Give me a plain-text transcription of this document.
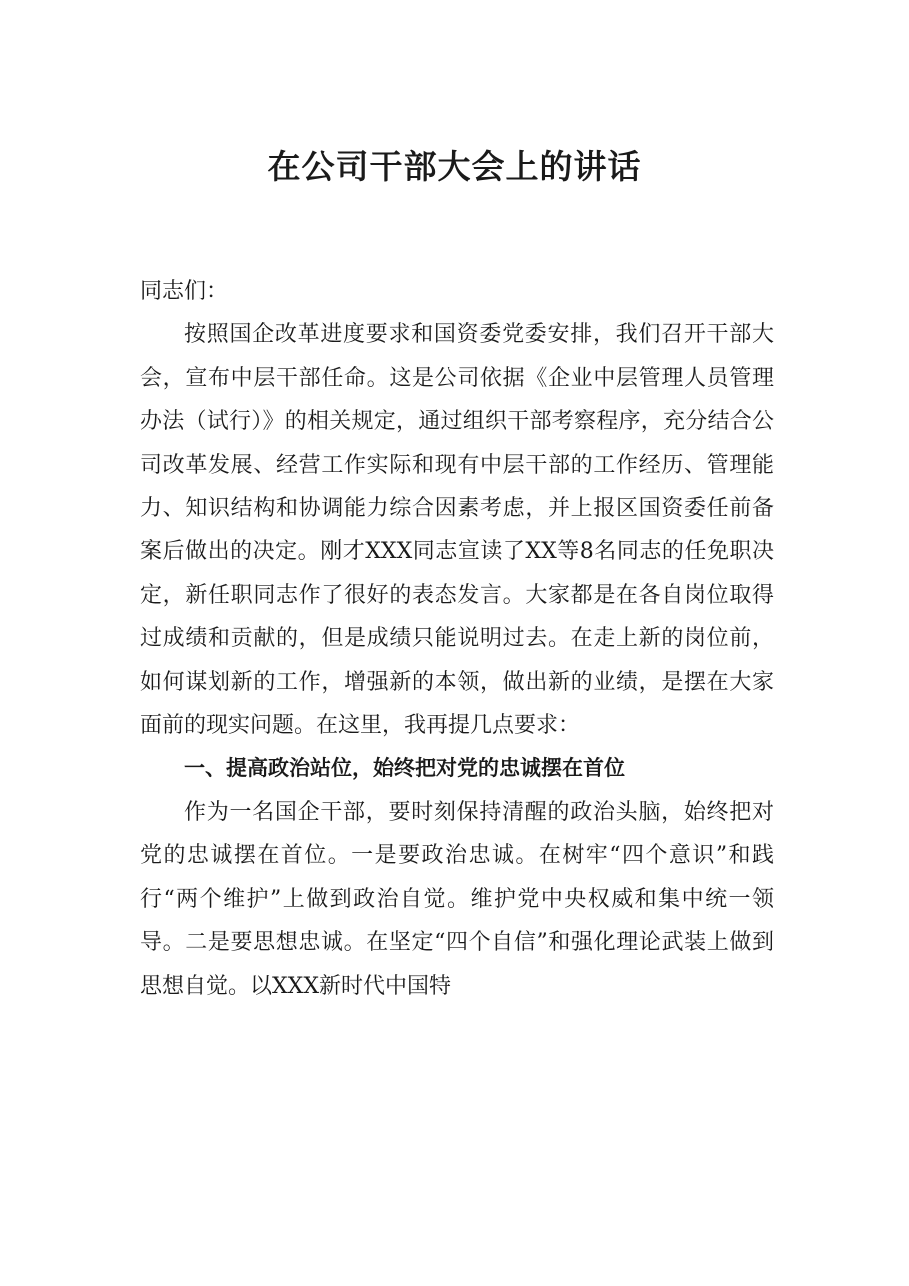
在公司干部大会上的讲话

同志们：

按照国企改革进度要求和国资委党委安排，我们召开干部大会，宣布中层干部任命。这是公司依据《企业中层管理人员管理办法（试行）》的相关规定，通过组织干部考察程序，充分结合公司改革发展、经营工作实际和现有中层干部的工作经历、管理能力、知识结构和协调能力综合因素考虑，并上报区国资委任前备案后做出的决定。刚才XXX同志宣读了XX等8名同志的任免职决定，新任职同志作了很好的表态发言。大家都是在各自岗位取得过成绩和贡献的，但是成绩只能说明过去。在走上新的岗位前，如何谋划新的工作，增强新的本领，做出新的业绩，是摆在大家面前的现实问题。在这里，我再提几点要求：

一、提高政治站位，始终把对党的忠诚摆在首位

作为一名国企干部，要时刻保持清醒的政治头脑，始终把对党的忠诚摆在首位。一是要政治忠诚。在树牢“四个意识”和践行“两个维护”上做到政治自觉。维护党中央权威和集中统一领导。二是要思想忠诚。在坚定“四个自信”和强化理论武装上做到思想自觉。以XXX新时代中国特
